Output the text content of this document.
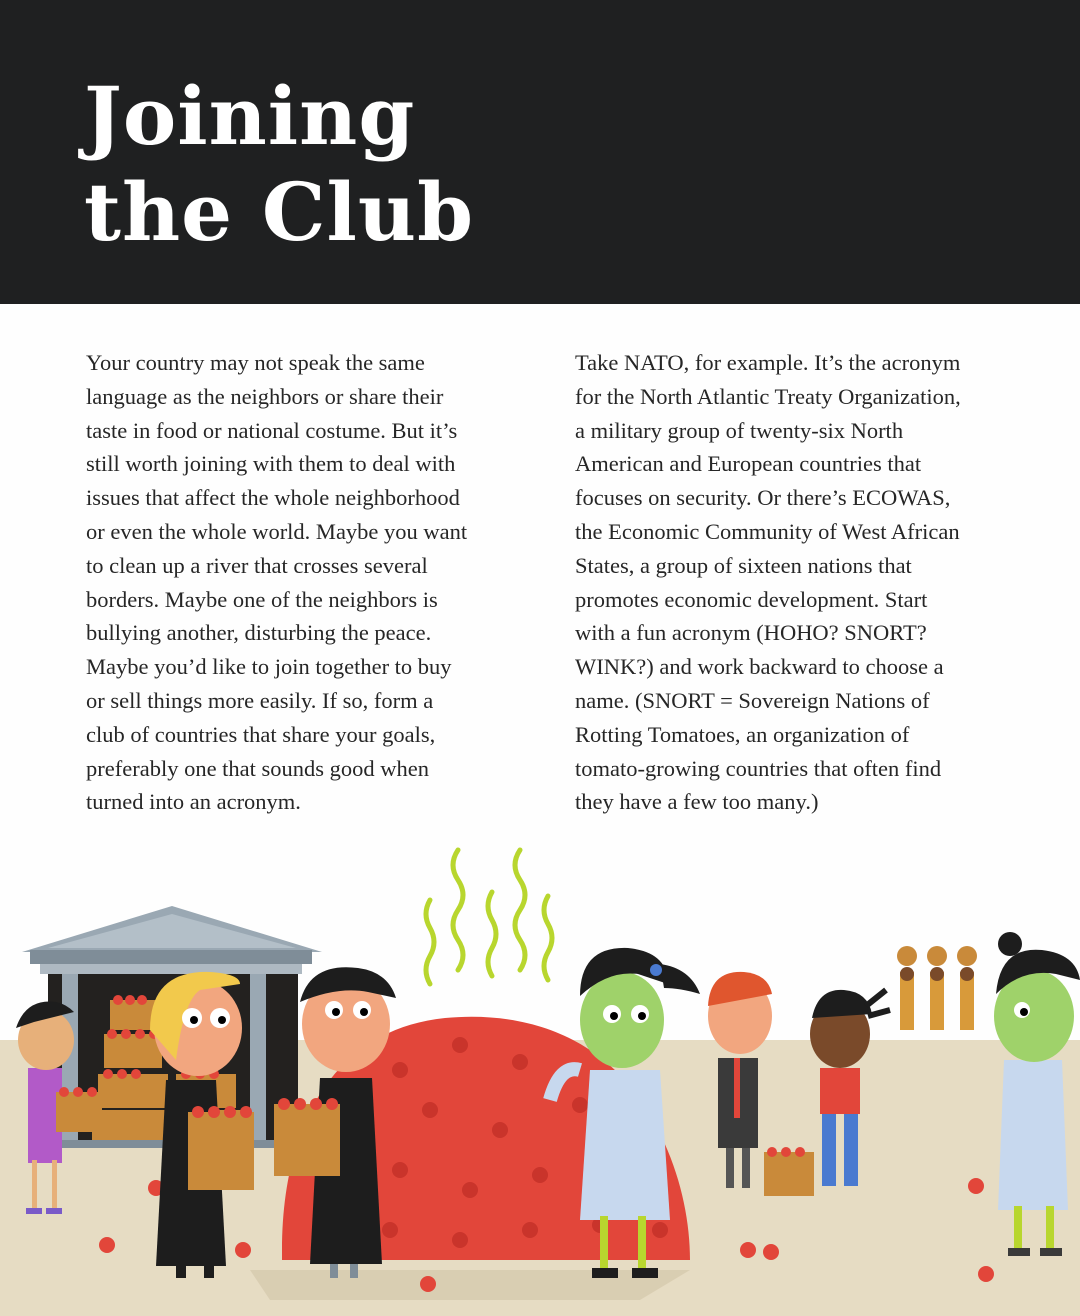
Joining
the Club
Your country may not speak the same
language as the neighbors or share their
taste in food or national costume. But it’s
still worth joining with them to deal with
issues that affect the whole neighborhood
or even the whole world. Maybe you want
to clean up a river that crosses several
borders. Maybe one of the neighbors is
bullying another, disturbing the peace.
Maybe you’d like to join together to buy
or sell things more easily. If so, form a
club of countries that share your goals,
preferably one that sounds good when
turned into an acronym.
Take NATO, for example. It’s the acronym
for the North Atlantic Treaty Organization,
a military group of twenty-six North
American and European countries that
focuses on security. Or there’s ECOWAS,
the Economic Community of West African
States, a group of sixteen nations that
promotes economic development. Start
with a fun acronym (HOHO? SNORT?
WINK?) and work backward to choose a
name. (SNORT = Sovereign Nations of
Rotting Tomatoes, an organization of
tomato-growing countries that often find
they have a few too many.)
